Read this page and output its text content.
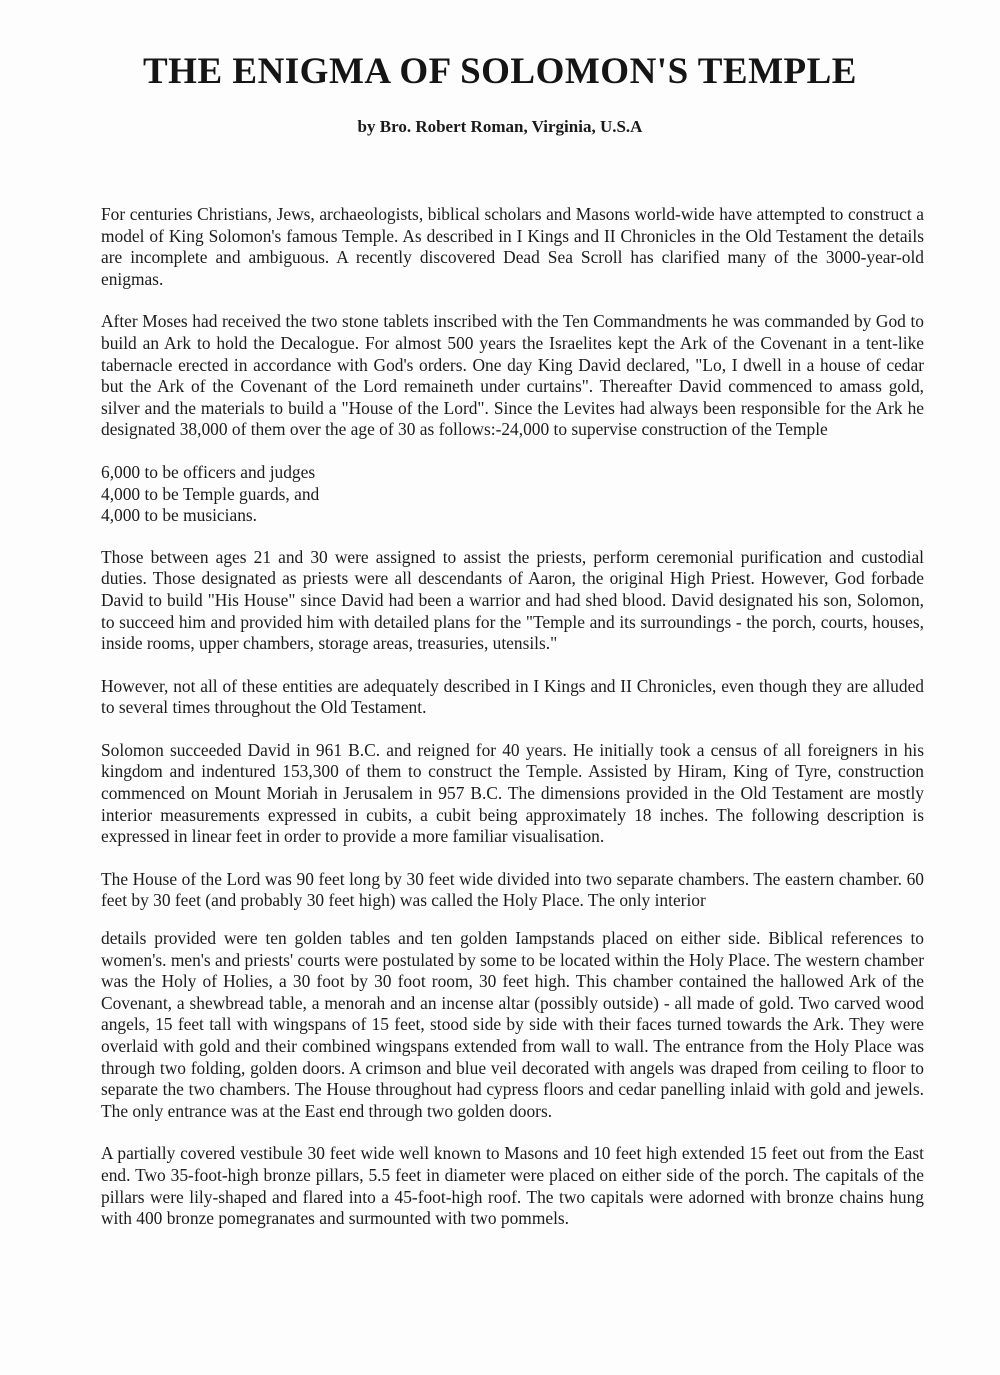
THE ENIGMA OF SOLOMON'S TEMPLE

by Bro. Robert Roman, Virginia, U.S.A

For centuries Christians, Jews, archaeologists, biblical scholars and Masons world-wide have attempted to construct a model of King Solomon's famous Temple. As described in I Kings and II Chronicles in the Old Testament the details are incomplete and ambiguous. A recently discovered Dead Sea Scroll has clarified many of the 3000-year-old enigmas.

After Moses had received the two stone tablets inscribed with the Ten Commandments he was commanded by God to build an Ark to hold the Decalogue. For almost 500 years the Israelites kept the Ark of the Covenant in a tent-like tabernacle erected in accordance with God's orders. One day King David declared, "Lo, I dwell in a house of cedar but the Ark of the Covenant of the Lord remaineth under curtains". Thereafter David commenced to amass gold, silver and the materials to build a "House of the Lord". Since the Levites had always been responsible for the Ark he designated 38,000 of them over the age of 30 as follows:-24,000 to supervise construction of the Temple

6,000 to be officers and judges

4,000 to be Temple guards, and

4,000 to be musicians.

Those between ages 21 and 30 were assigned to assist the priests, perform ceremonial purification and custodial duties. Those designated as priests were all descendants of Aaron, the original High Priest. However, God forbade David to build "His House" since David had been a warrior and had shed blood. David designated his son, Solomon, to succeed him and provided him with detailed plans for the "Temple and its surroundings - the porch, courts, houses, inside rooms, upper chambers, storage areas, treasuries, utensils."

However, not all of these entities are adequately described in I Kings and II Chronicles, even though they are alluded to several times throughout the Old Testament.

Solomon succeeded David in 961 B.C. and reigned for 40 years. He initially took a census of all foreigners in his kingdom and indentured 153,300 of them to construct the Temple. Assisted by Hiram, King of Tyre, construction commenced on Mount Moriah in Jerusalem in 957 B.C. The dimensions provided in the Old Testament are mostly interior measurements expressed in cubits, a cubit being approximately 18 inches. The following description is expressed in linear feet in order to provide a more familiar visualisation.

The House of the Lord was 90 feet long by 30 feet wide divided into two separate chambers. The eastern chamber. 60 feet by 30 feet (and probably 30 feet high) was called the Holy Place. The only interior

details provided were ten golden tables and ten golden Iampstands placed on either side. Biblical references to women's. men's and priests' courts were postulated by some to be located within the Holy Place. The western chamber was the Holy of Holies, a 30 foot by 30 foot room, 30 feet high. This chamber contained the hallowed Ark of the Covenant, a shewbread table, a menorah and an incense altar (possibly outside) - all made of gold. Two carved wood angels, 15 feet tall with wingspans of 15 feet, stood side by side with their faces turned towards the Ark. They were overlaid with gold and their combined wingspans extended from wall to wall. The entrance from the Holy Place was through two folding, golden doors. A crimson and blue veil decorated with angels was draped from ceiling to floor to separate the two chambers. The House throughout had cypress floors and cedar panelling inlaid with gold and jewels. The only entrance was at the East end through two golden doors.

A partially covered vestibule 30 feet wide well known to Masons and 10 feet high extended 15 feet out from the East end. Two 35-foot-high bronze pillars, 5.5 feet in diameter were placed on either side of the porch. The capitals of the pillars were lily-shaped and flared into a 45-foot-high roof. The two capitals were adorned with bronze chains hung with 400 bronze pomegranates and surmounted with two pommels.
